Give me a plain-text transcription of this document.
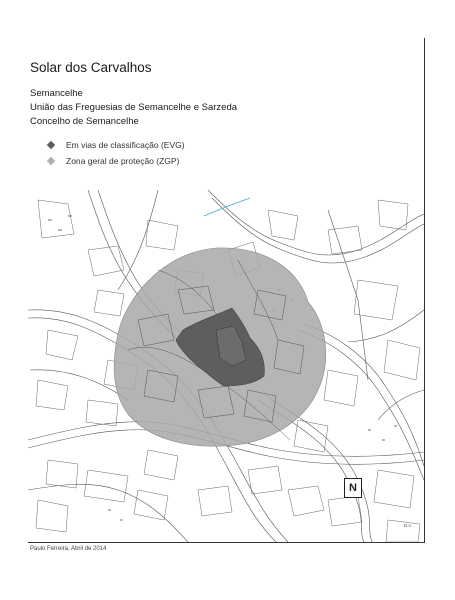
Solar dos Carvalhos
Semancelhe
União das Freguesias de Semancelhe e Sarzeda
Concelho de Semancelhe
Em vias de classificação (EVG)
Zona geral de proteção (ZGP)
N
D.n
Paulo Ferreira, Abril de 2014
